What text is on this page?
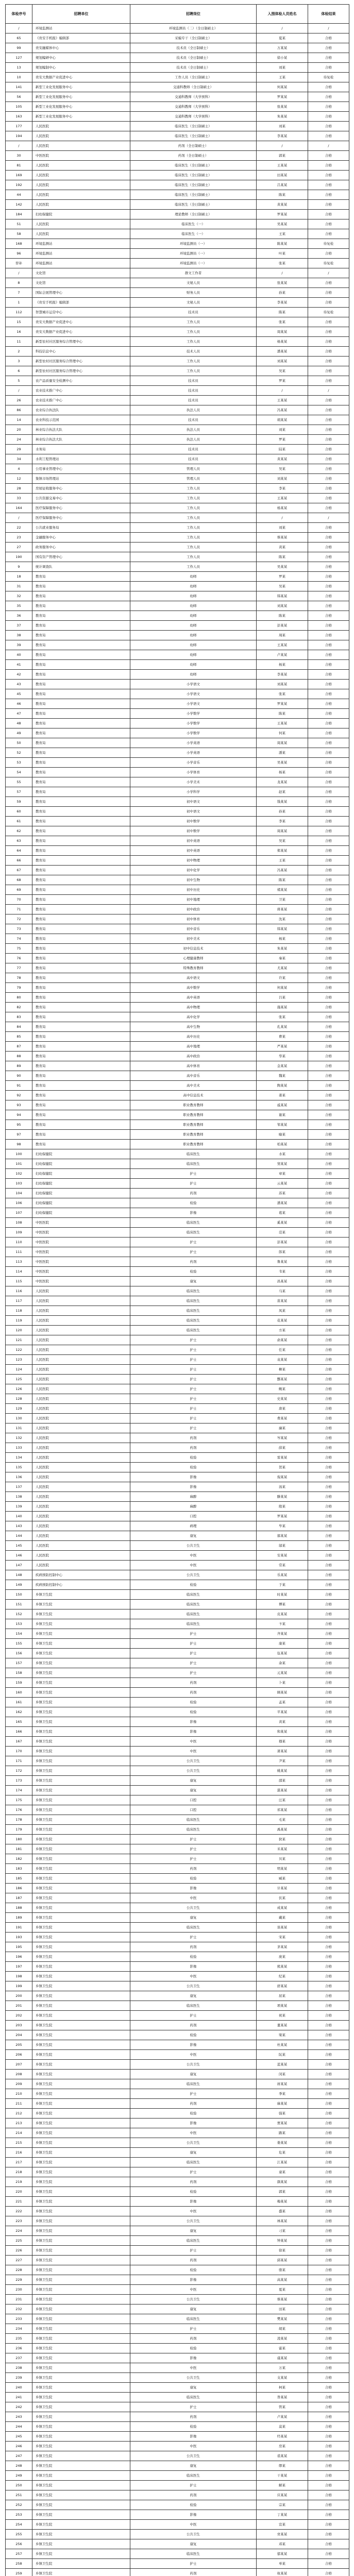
体检序号	招聘单位	招聘岗位	入围体检人员姓名	体检结果
/	环境监测站	环境监测员（二）（全日制硕士）	/	/
65	《贵安手机报》编辑部	采编专干（全日制硕士）	夏某	合格
99	贵安融媒体中心	技术员（全日制硕士）	万某某	合格
127	规划编研中心	技术员（全日制硕士）	徐小某	合格
13	规划编制中心	技术员（全日制硕士）	刘某	合格
10	贵安大数据产业促进中心	工作人员（全日制硕士）	王某	待复检
141	新型工业化发展服务中心	交通科教师（全日制硕士）	何某某	合格
56	新型工业化发展服务中心	交通科教师（大学预科）	罗某某	合格
105	新型工业化发展服务中心	交通科教师（大学预科）	张某某	合格
163	新型工业化发展服务中心	交通科教师（大学预科）	朱某某	合格
177	人民医院	临床医生（全日制硕士）	刘某	合格
194	人民医院	临床医生（全日制硕士）	李某某	合格
/	人民医院	药剂（全日制硕士）	/	/
30	中医医院	药剂（全日制硕士）	郭某	合格
81	人民医院	临床医生（全日制硕士）	王某某	合格
169	人民医院	临床医生（全日制硕士）	田某某	合格
192	人民医院	临床医生（全日制硕士）	吕某某	合格
44	人民医院	临床医生（全日制硕士）	陈某	合格
142	人民医院	临床医生（全日制硕士）	黄某某	合格
184	妇幼保健院	理论教师（全日制硕士）	罗某某	合格
51	人民医院	临床医生（一）	吴某某	合格
58	人民医院	临床医生（一）	王某	合格
168	环境监测站	环境监测员（一）	陈某某	待复检
96	环境监测站	环境监测员（一）	叶某	合格
替补	环境监测站	环境监测员（一）	张某	待复检
/	文化馆	群文工作者	/	/
8	文化馆	文秘人员	张某某	合格
7	国际会展管理中心	财务人员	孙某	合格
1	《贵安手机报》编辑部	文秘人员	李某某	合格
112	智慧城市运营中心	技术员	陈某	待复检
15	贵安大数据产业促进中心	工作人员	张某	合格
16	贵安大数据产业促进中心	工作人员	周某某	合格
11	新型农村社区服务综合管理中心	工作人员	杨某某	合格
2	科技信息中心	技术人员	潘某某	合格
3	新型农村社区服务综合管理中心	工作人员	刘某某	合格
6	新型农村社区服务综合管理中心	工作人员	吴某	合格
5	农产品质量安全检测中心	技术员	罗某	合格
/	农业技术推广中心	技术员	/	/
26	农业技术推广中心	技术员	王某某	合格
86	农业综合执法队	执法人员	冯某某	合格
14	农业科技示范园	技术员	胡某某	合格
20	林业综合执法大队	执法人员	刘某	合格
24	林业综合执法大队	执法人员	罗某	合格
29	水务局	技术员	陆某	合格
34	水利工程管理站	技术员	黄某某	合格
4	公用事业管理中心	管理人员	吴某	合格
12	集镇市场管理站	管理人员	刘某某	合格
28	房屋征收服务中心	工作人员	李某	合格
33	公共资源交易中心	工作人员	王某某	合格
164	医疗保障服务中心	工作人员	杨某某	合格
/	医疗保障服务中心	工作人员	/	/
22	公共就业服务局	工作人员	刘某	合格
23	金融服务中心	工作人员	蔡某某	合格
27	政务服务中心	工作人员	黄某	合格
190	国有资产管理中心	工作人员	陈某	合格
9	统计调查队	工作人员	吴某某	合格
18	教育局	幼师	罗某	合格
31	教育局	幼师	吴某	合格
32	教育局	幼师	韩某某	合格
35	教育局	幼师	刘某某	合格
36	教育局	幼师	陈某	合格
37	教育局	幼师	彭某某	合格
38	教育局	幼师	周某	合格
39	教育局	幼师	王某某	合格
40	教育局	幼师	卢某某	合格
41	教育局	幼师	杨某	合格
42	教育局	幼师	李某某	合格
43	教育局	小学语文	刘某某	合格
45	教育局	小学语文	张某	合格
46	教育局	小学语文	罗某某	合格
47	教育局	小学数学	陈某	合格
48	教育局	小学数学	王某某	合格
49	教育局	小学数学	何某	合格
50	教育局	小学英语	周某某	合格
52	教育局	小学英语	潘某	合格
53	教育局	小学音乐	吴某某	合格
54	教育局	小学体育	杨某	合格
55	教育局	小学美术	龙某某	合格
57	教育局	小学科学	赵某	合格
59	教育局	初中语文	钱某某	合格
60	教育局	初中语文	孙某	合格
61	教育局	初中数学	李某	合格
62	教育局	初中数学	周某某	合格
63	教育局	初中英语	吴某	合格
64	教育局	初中英语	郑某某	合格
66	教育局	初中物理	王某	合格
67	教育局	初中化学	冯某某	合格
68	教育局	初中生物	陈某	合格
69	教育局	初中历史	褚某某	合格
70	教育局	初中地理	卫某	合格
71	教育局	初中政治	蒋某某	合格
72	教育局	初中体育	沈某	合格
73	教育局	初中音乐	韩某某	合格
74	教育局	初中美术	杨某	合格
75	教育局	初中信息技术	朱某某	合格
76	教育局	心理健康教师	秦某	合格
77	教育局	特殊教育教师	尤某某	合格
78	教育局	高中语文	许某	合格
79	教育局	高中数学	何某某	合格
80	教育局	高中英语	吕某	合格
82	教育局	高中物理	施某某	合格
83	教育局	高中化学	张某	合格
84	教育局	高中生物	孔某某	合格
85	教育局	高中历史	曹某	合格
87	教育局	高中地理	严某某	合格
88	教育局	高中政治	华某	合格
89	教育局	高中体育	金某某	合格
90	教育局	高中音乐	魏某	合格
91	教育局	高中美术	陶某某	合格
92	教育局	高中信息技术	姜某	合格
93	教育局	职业教育教师	戚某某	合格
94	教育局	职业教育教师	谢某	合格
95	教育局	职业教育教师	邹某某	合格
97	教育局	职业教育教师	喻某	合格
98	教育局	职业教育教师	柏某某	合格
100	妇幼保健院	临床医生	水某	合格
101	妇幼保健院	临床医生	窦某某	合格
102	妇幼保健院	护士	章某	合格
103	妇幼保健院	护士	云某某	合格
104	妇幼保健院	药剂	苏某	合格
106	妇幼保健院	检验	潘某某	合格
107	妇幼保健院	影像	葛某	合格
108	中医医院	临床医生	奚某某	合格
109	中医医院	临床医生	范某	合格
110	中医医院	护士	彭某某	合格
111	中医医院	护士	郎某	合格
113	中医医院	药剂	鲁某某	合格
114	中医医院	检验	韦某	合格
115	中医医院	康复	昌某某	合格
116	人民医院	临床医生	马某	合格
117	人民医院	临床医生	苗某某	合格
118	人民医院	临床医生	凤某	合格
119	人民医院	临床医生	花某某	合格
120	人民医院	临床医生	方某	合格
121	人民医院	护士	俞某某	合格
122	人民医院	护士	任某	合格
123	人民医院	护士	袁某某	合格
124	人民医院	护士	柳某	合格
125	人民医院	护士	酆某某	合格
126	人民医院	护士	鲍某	合格
128	人民医院	护士	史某某	合格
129	人民医院	护士	唐某	合格
130	人民医院	护士	费某某	合格
131	人民医院	护士	廉某	合格
132	人民医院	药剂	岑某某	合格
133	人民医院	药剂	薛某	合格
134	人民医院	检验	雷某某	合格
135	人民医院	检验	贺某	合格
136	人民医院	影像	倪某某	合格
137	人民医院	影像	汤某	合格
138	人民医院	麻醉	滕某某	合格
139	人民医院	麻醉	殷某	合格
140	人民医院	口腔	罗某某	合格
143	人民医院	病理	毕某	合格
144	人民医院	康复	郝某某	合格
145	人民医院	公共卫生	邬某	合格
146	人民医院	中医	安某某	合格
147	人民医院	中医	常某	合格
148	疾病预防控制中心	公共卫生	乐某某	合格
149	疾病预防控制中心	检验	于某	合格
150	乡镇卫生院	临床医生	时某某	合格
151	乡镇卫生院	临床医生	傅某	合格
152	乡镇卫生院	临床医生	皮某某	合格
153	乡镇卫生院	临床医生	卞某	合格
154	乡镇卫生院	护士	齐某某	合格
155	乡镇卫生院	护士	康某	合格
156	乡镇卫生院	护士	伍某某	合格
157	乡镇卫生院	护士	余某	合格
158	乡镇卫生院	护士	元某某	合格
159	乡镇卫生院	药剂	卜某	合格
160	乡镇卫生院	药剂	顾某某	合格
161	乡镇卫生院	检验	孟某	合格
162	乡镇卫生院	检验	平某某	合格
165	乡镇卫生院	影像	黄某	合格
166	乡镇卫生院	影像	和某某	合格
167	乡镇卫生院	中医	穆某	合格
170	乡镇卫生院	中医	萧某某	合格
171	乡镇卫生院	公共卫生	尹某	合格
172	乡镇卫生院	公共卫生	姚某某	合格
173	乡镇卫生院	康复	邵某	合格
174	乡镇卫生院	康复	湛某某	合格
175	乡镇卫生院	口腔	汪某	合格
176	乡镇卫生院	口腔	祁某某	合格
178	乡镇卫生院	临床医生	毛某	合格
179	乡镇卫生院	临床医生	禹某某	合格
180	乡镇卫生院	护士	狄某	合格
181	乡镇卫生院	护士	米某某	合格
182	乡镇卫生院	护士	贝某	合格
183	乡镇卫生院	药剂	明某某	合格
185	乡镇卫生院	检验	臧某	合格
186	乡镇卫生院	影像	计某某	合格
187	乡镇卫生院	中医	伏某	合格
188	乡镇卫生院	公共卫生	成某某	合格
189	乡镇卫生院	康复	戴某	合格
191	乡镇卫生院	临床医生	谈某某	合格
193	乡镇卫生院	护士	宋某	合格
195	乡镇卫生院	药剂	茅某某	合格
196	乡镇卫生院	检验	庞某	合格
197	乡镇卫生院	影像	熊某某	合格
198	乡镇卫生院	中医	纪某	合格
199	乡镇卫生院	公共卫生	舒某某	合格
200	乡镇卫生院	康复	屈某	合格
201	乡镇卫生院	临床医生	项某某	合格
202	乡镇卫生院	护士	祝某	合格
203	乡镇卫生院	药剂	董某某	合格
204	乡镇卫生院	检验	梁某	合格
205	乡镇卫生院	影像	杜某某	合格
206	乡镇卫生院	中医	阮某	合格
207	乡镇卫生院	公共卫生	蓝某某	合格
208	乡镇卫生院	康复	闵某	合格
209	乡镇卫生院	临床医生	席某某	合格
210	乡镇卫生院	护士	季某	合格
211	乡镇卫生院	药剂	麻某某	合格
212	乡镇卫生院	检验	强某	合格
213	乡镇卫生院	影像	贾某某	合格
214	乡镇卫生院	中医	路某	合格
215	乡镇卫生院	公共卫生	娄某某	合格
216	乡镇卫生院	康复	危某	合格
217	乡镇卫生院	临床医生	江某某	合格
218	乡镇卫生院	护士	童某	合格
219	乡镇卫生院	药剂	颜某某	合格
220	乡镇卫生院	检验	郭某	合格
221	乡镇卫生院	影像	梅某某	合格
222	乡镇卫生院	中医	盛某	合格
223	乡镇卫生院	公共卫生	林某某	合格
224	乡镇卫生院	康复	刁某	合格
225	乡镇卫生院	临床医生	钟某某	合格
226	乡镇卫生院	护士	徐某	合格
227	乡镇卫生院	药剂	邱某某	合格
228	乡镇卫生院	检验	骆某	合格
229	乡镇卫生院	影像	高某某	合格
230	乡镇卫生院	中医	夏某	合格
231	乡镇卫生院	公共卫生	蔡某某	合格
232	乡镇卫生院	康复	田某	合格
233	乡镇卫生院	临床医生	樊某某	合格
234	乡镇卫生院	护士	胡某	合格
235	乡镇卫生院	药剂	凌某某	合格
236	乡镇卫生院	检验	霍某	合格
237	乡镇卫生院	影像	虞某某	合格
238	乡镇卫生院	中医	万某	合格
239	乡镇卫生院	公共卫生	支某某	合格
240	乡镇卫生院	康复	柯某	合格
241	乡镇卫生院	临床医生	昝某某	合格
242	乡镇卫生院	护士	管某	合格
243	乡镇卫生院	药剂	卢某某	合格
244	乡镇卫生院	检验	莫某	合格
245	乡镇卫生院	影像	经某某	合格
246	乡镇卫生院	中医	房某	合格
247	乡镇卫生院	公共卫生	裘某某	合格
248	乡镇卫生院	康复	缪某	合格
249	乡镇卫生院	临床医生	干某某	合格
250	乡镇卫生院	护士	解某	合格
251	乡镇卫生院	药剂	应某某	合格
252	乡镇卫生院	检验	宗某	合格
253	乡镇卫生院	影像	丁某某	合格
254	乡镇卫生院	中医	宣某	合格
255	乡镇卫生院	公共卫生	贲某某	合格
256	乡镇卫生院	康复	邓某	合格
257	乡镇卫生院	临床医生	郁某某	合格
258	乡镇卫生院	护士	单某	合格
259	乡镇卫生院	药剂	杭某某	合格
